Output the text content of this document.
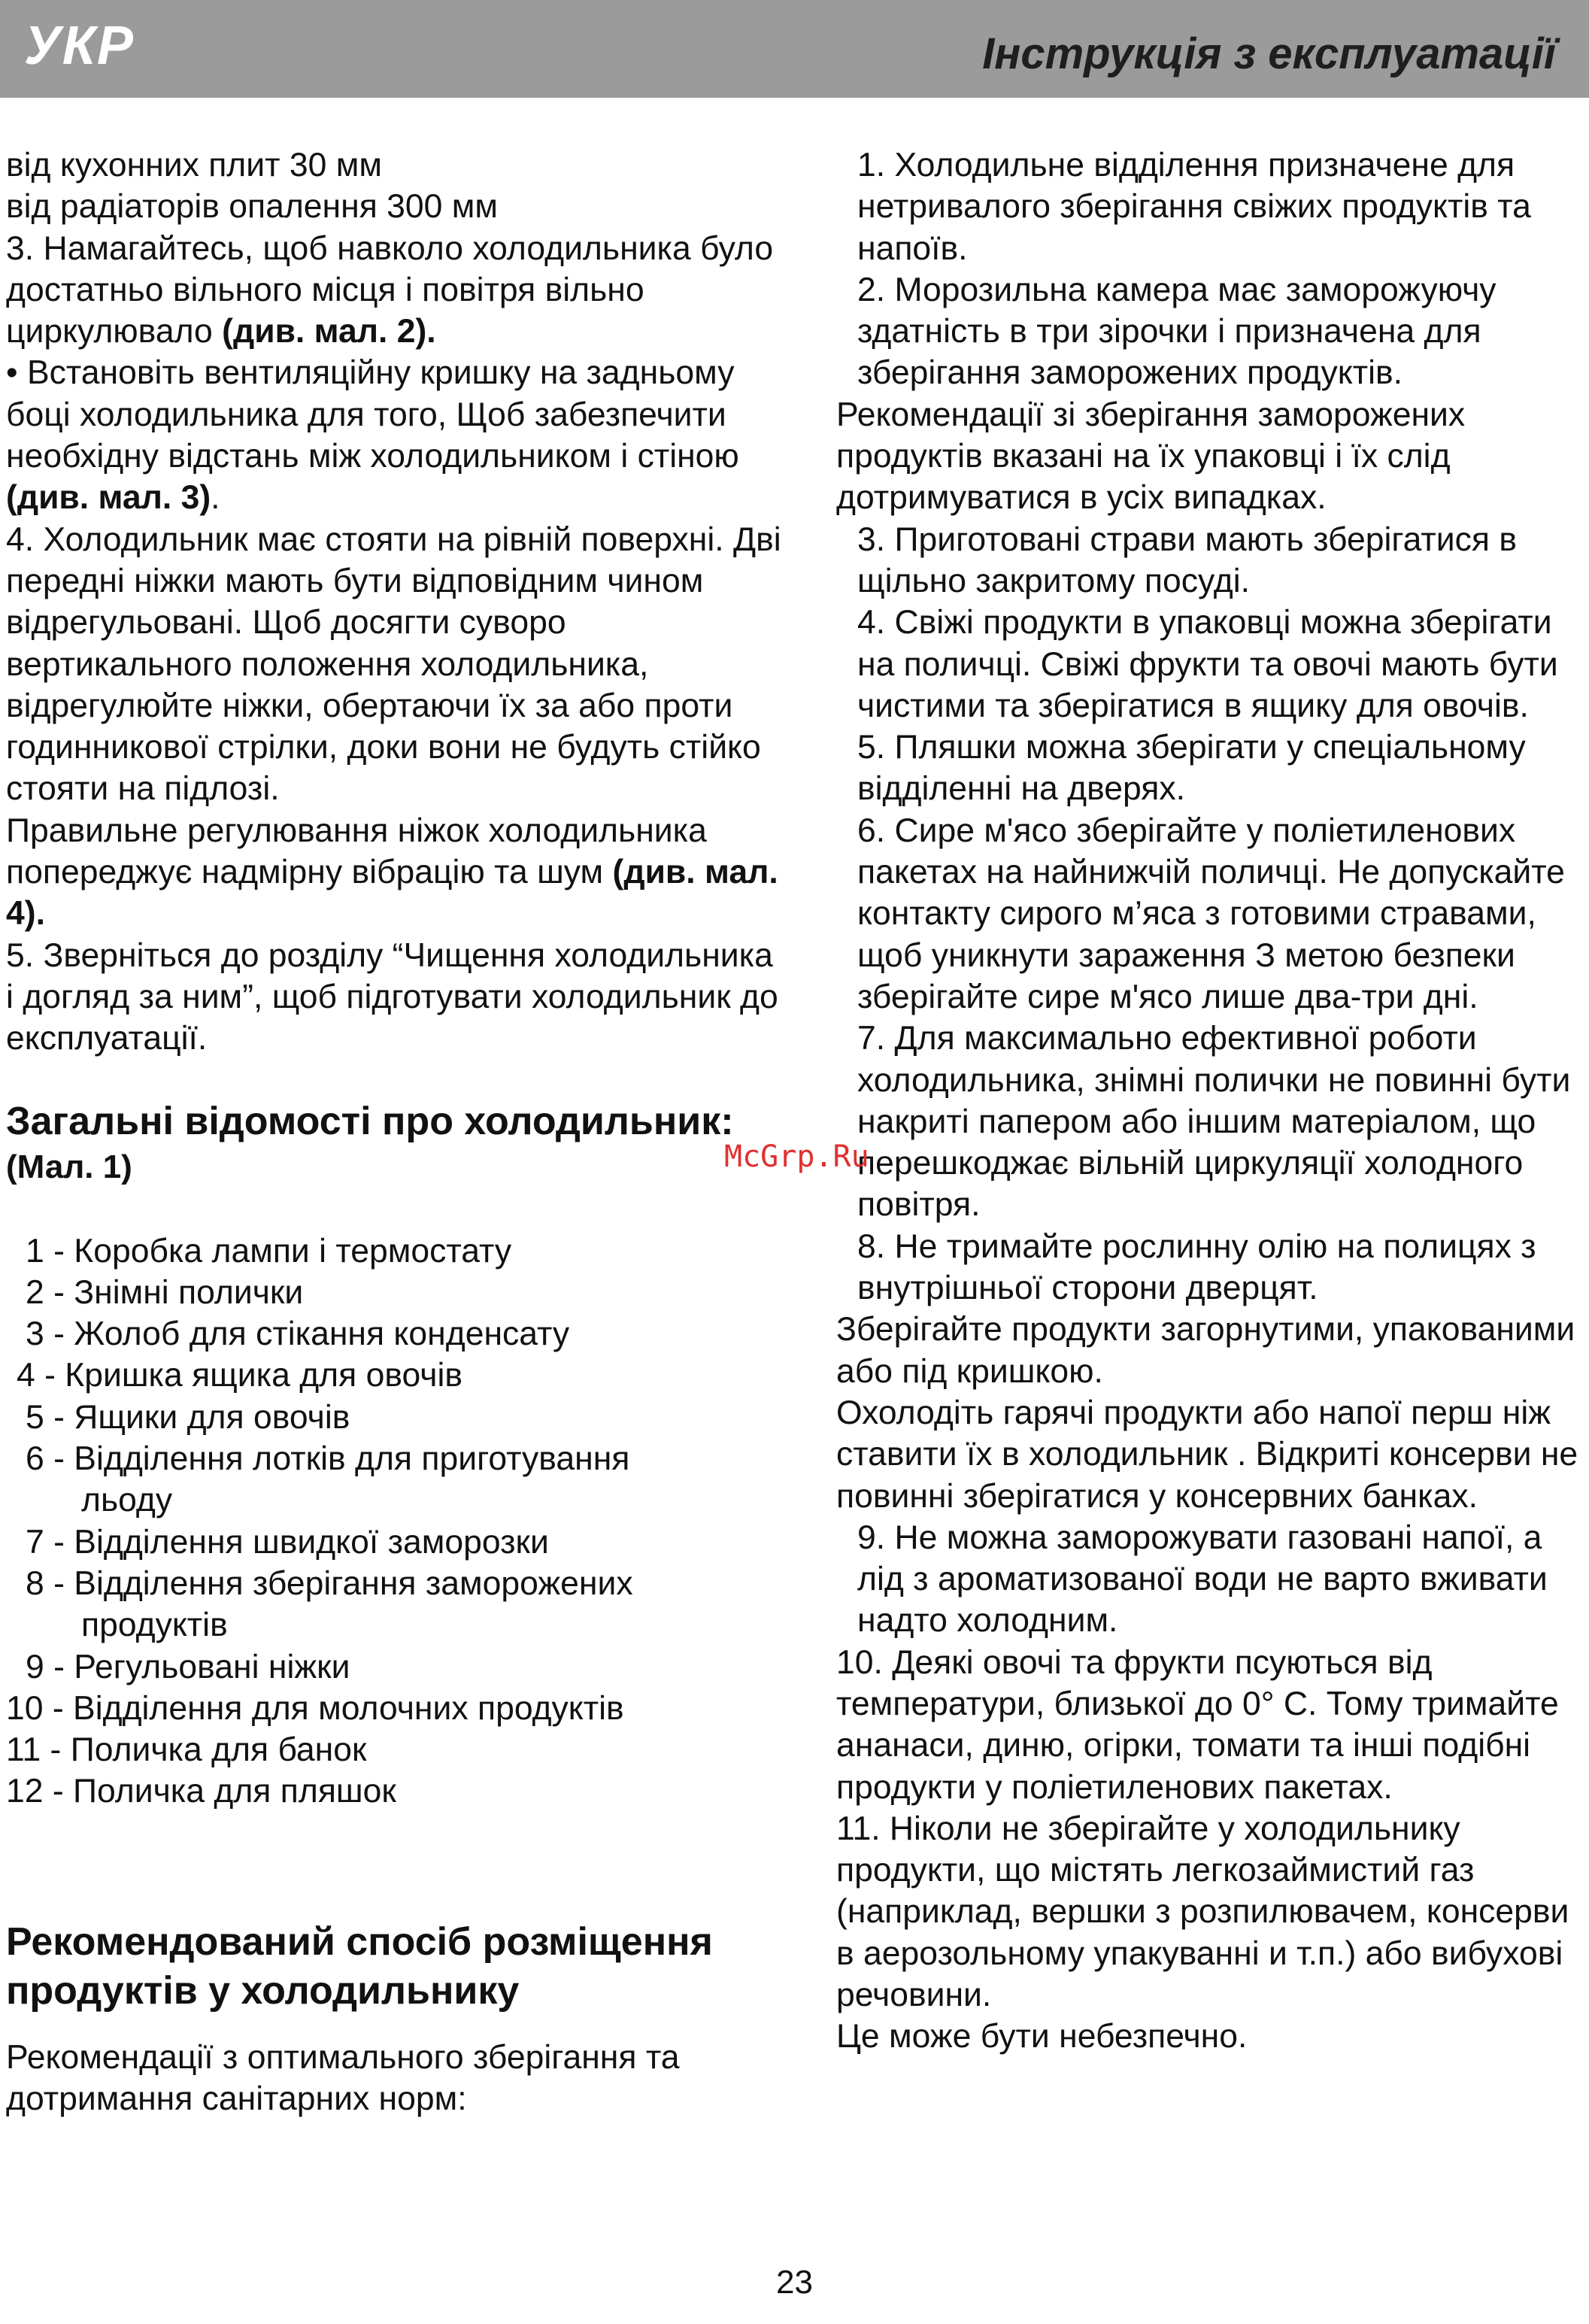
УКР	Інструкція з експлуатації

від кухонних плит 30 мм

від радіаторів опалення 300 мм

3. Намагайтесь, щоб навколо холодильника було достатньо вільного місця і повітря вільно циркулювало (див. мал. 2).

• Встановіть вентиляційну кришку на задньому боці холодильника для того, Щоб забезпечити необхідну відстань між холодильником і стіною (див. мал. 3).

4. Холодильник має стояти на рівній поверхні. Дві передні ніжки мають бути відповідним чином відрегульовані. Щоб досягти суворо вертикального положення холодильника, відрегулюйте ніжки, обертаючи їх за або проти годинникової стрілки, доки вони не будуть стійко стояти на підлозі.

Правильне регулювання ніжок холодильника попереджує надмірну вібрацію та шум (див. мал. 4).

5. Зверніться до розділу “Чищення холодильника і догляд за ним”, щоб підготувати холодильник до експлуатації.

Загальні відомості про холодильник:

(Мал. 1)

1 - Коробка лампи і термостату

2 - Знімні полички

3 - Жолоб для стікання конденсату

4 - Кришка ящика для овочів

5 - Ящики для овочів

6 - Відділення лотків для приготування

льоду

7 - Відділення швидкої заморозки

8 - Відділення зберігання заморожених

продуктів

9 - Регульовані ніжки

10 - Відділення для молочних продуктів

11 - Поличка для банок

12 - Поличка для пляшок

Рекомендований спосіб розміщення продуктів у холодильнику

Рекомендації з оптимального зберігання та дотримання санітарних норм:

1. Холодильне відділення призначене для нетривалого зберігання свіжих продуктів та напоїв.

2. Морозильна камера має заморожуючу здатність в три зірочки і призначена для зберігання заморожених продуктів.

Рекомендації зі зберігання заморожених продуктів вказані на їх упаковці і їх слід дотримуватися в усіх випадках.

3. Приготовані страви мають зберігатися в щільно закритому посуді.

4. Свіжі продукти в упаковці можна зберігати на поличці. Свіжі фрукти та овочі мають бути чистими та зберігатися в ящику для овочів.

5. Пляшки можна зберігати у спеціальному відділенні на дверях.

6. Сире м'ясо зберігайте у поліетиленових пакетах на найнижчій поличці. Не допускайте контакту сирого м’яса з готовими стравами, щоб уникнути зараження З метою безпеки зберігайте сире м'ясо лише два-три дні.

7. Для максимально ефективної роботи холодильника, знімні полички не повинні бути накриті папером або іншим матеріалом, що перешкоджає вільній циркуляції холодного повітря.

8. Не тримайте рослинну олію на полицях з внутрішньої сторони дверцят.

Зберігайте продукти загорнутими, упакованими або під кришкою.

Охолодіть гарячі продукти або напої перш ніж ставити їх в холодильник . Відкриті консерви не повинні зберігатися у консервних банках.

9. Не можна заморожувати газовані напої, а лід з ароматизованої води не варто вживати надто холодним.

10. Деякі овочі та фрукти псуються від температури, близької до 0° С. Тому тримайте ананаси, диню, огірки, томати та інші подібні продукти у поліетиленових пакетах.

11. Ніколи не зберігайте у холодильнику продукти, що містять легкозаймистий газ (наприклад, вершки з розпилювачем, консерви в аерозольному упакуванні и т.п.) або вибухові речовини.

Це може бути небезпечно.

McGrp.Ru
23
